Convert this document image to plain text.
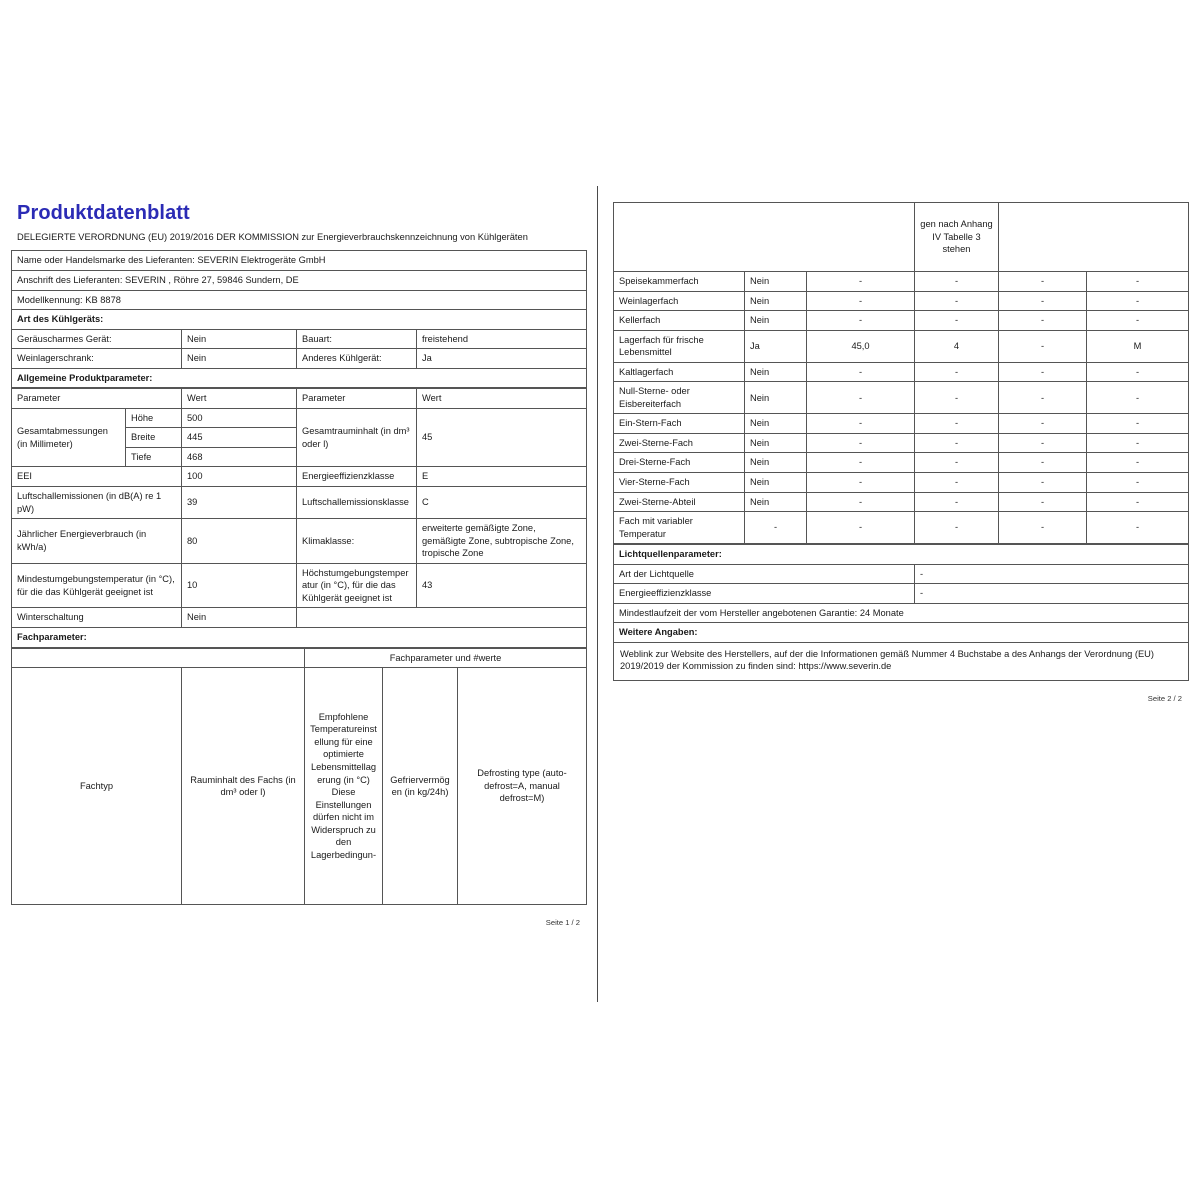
Produktdatenblatt
DELEGIERTE VERORDNUNG (EU) 2019/2016 DER KOMMISSION zur Energieverbrauchskennzeichnung von Kühlgeräten
Name oder Handelsmarke des Lieferanten: SEVERIN Elektrogeräte GmbH			
Anschrift des Lieferanten: SEVERIN , Röhre 27, 59846 Sundern, DE			
Modellkennung: KB 8878			
Art des Kühlgeräts:			
Geräuscharmes Gerät:	Nein	Bauart:	freistehend
Weinlagerschrank:	Nein	Anderes Kühlgerät:	Ja
Allgemeine Produktparameter:			
Parameter		Wert	Parameter	Wert
Gesamtabmessungen (in Millimeter)	Höhe	500	Gesamtrauminhalt (in dm³ oder l)	45
	Breite	445		
	Tiefe	468		
EEI		100	Energieeffizienzklasse	E
Luftschallemissionen (in dB(A) re 1 pW)		39	Luftschallemissionsklasse	C
Jährlicher Energieverbrauch (in kWh/a)		80	Klimaklasse:	erweiterte gemäßigte Zone, gemäßigte Zone, subtropische Zone, tropische Zone
Mindestumgebungstemperatur (in °C), für die das Kühlgerät geeignet ist		10	Höchstumgebungstemperatur (in °C), für die das Kühlgerät geeignet ist	43
Winterschaltung		Nein		
Fachparameter:				
		Fachparameter und #werte		
Fachtyp	Rauminhalt des Fachs (in dm³ oder l)	Empfohlene Temperatureinstellung für eine optimierte Lebensmittellagerung (in °C) Diese Einstellungen dürfen nicht im Widerspruch zu den Lagerbedingun-	Gefriervermögen (in kg/24h)	Defrosting type (auto-defrost=A, manual defrost=M)
Seite 1 / 2
			gen nach Anhang IV Tabelle 3 stehen		
Speisekammerfach	Nein	-	-	-	-
Weinlagerfach	Nein	-	-	-	-
Kellerfach	Nein	-	-	-	-
Lagerfach für frische Lebensmittel	Ja	45,0	4	-	M
Kaltlagerfach	Nein	-	-	-	-
Null-Sterne- oder Eisbereiterfach	Nein	-	-	-	-
Ein-Stern-Fach	Nein	-	-	-	-
Zwei-Sterne-Fach	Nein	-	-	-	-
Drei-Sterne-Fach	Nein	-	-	-	-
Vier-Sterne-Fach	Nein	-	-	-	-
Zwei-Sterne-Abteil	Nein	-	-	-	-
Fach mit variabler Temperatur	-	-	-	-	-
Lichtquellenparameter:	
Art der Lichtquelle	-
Energieeffizienzklasse	-
Mindestlaufzeit der vom Hersteller angebotenen Garantie: 24 Monate	
Weitere Angaben:	
Weblink zur Website des Herstellers, auf der die Informationen gemäß Nummer 4 Buchstabe a des Anhangs der Verordnung (EU) 2019/2019 der Kommission zu finden sind: https://www.severin.de	
Seite 2 / 2
